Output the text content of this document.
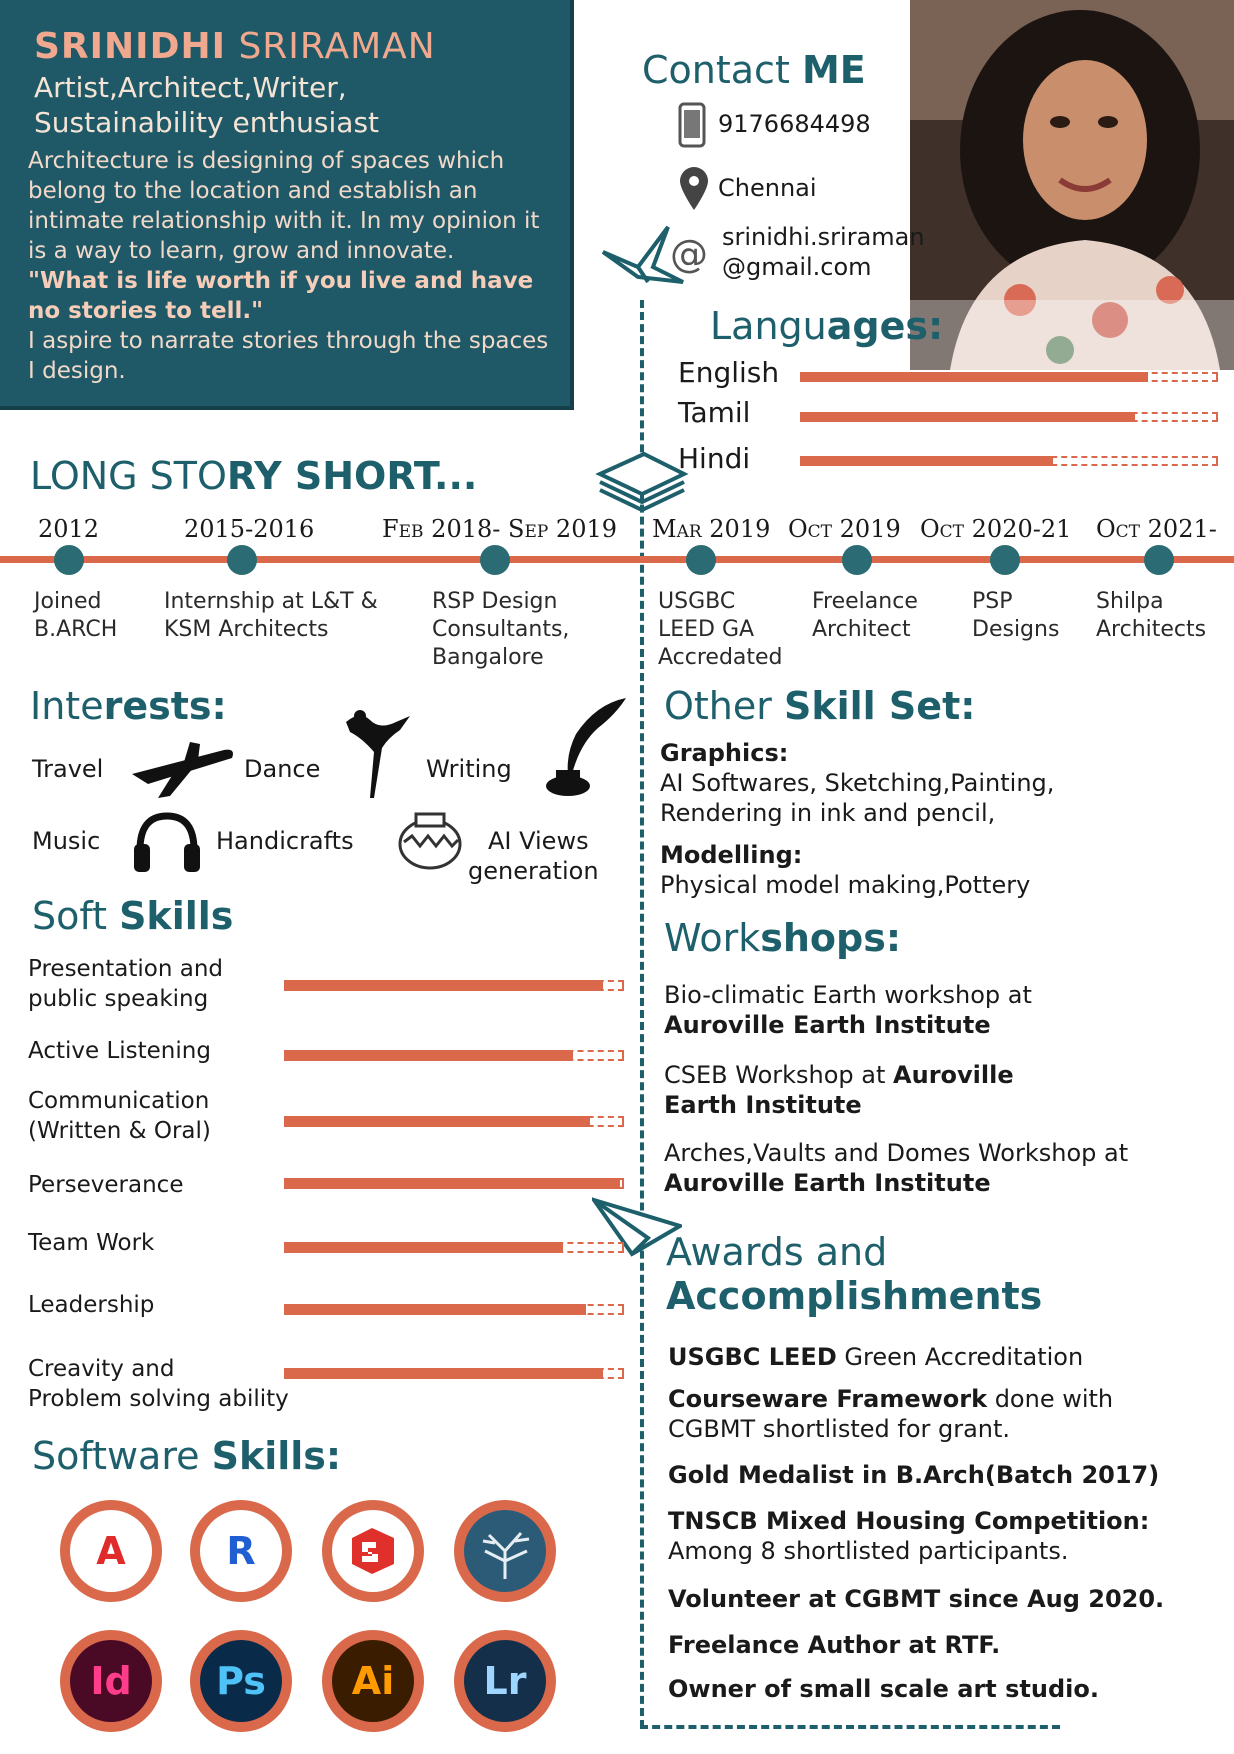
SRINIDHI SRIRAMAN
Artist,Architect,Writer,
Sustainability enthusiast
Architecture is designing of spaces which belong to the location and establish an intimate relationship with it. In my opinion it is a way to learn, grow and innovate.
"What is life worth if you live and have no stories to tell."
I aspire to narrate stories through the spaces I design.
Contact ME
9176684498
Chennai
@ srinidhi.sriraman
@gmail.com
Languages:
English
Tamil
Hindi
LONG STORY SHORT...
2012
Joined
B.ARCH
2015-2016
Internship at L&T &
KSM Architects
Feb 2018- Sep 2019
RSP Design
Consultants,
Bangalore
Mar 2019
USGBC
LEED GA
Accredated
Oct 2019
Freelance
Architect
Oct 2020-21
PSP
Designs
Oct 2021-
Shilpa
Architects
Interests:
Travel	Dance	Writing
Music	Handicrafts	AI Views
generation
Soft Skills
Presentation and
public speaking
Active Listening
Communication
(Written & Oral)
Perseverance
Team Work
Leadership
Creavity and
Problem solving ability
Software Skills:
A	R
Id	Ps	Ai	Lr
Other Skill Set:
Graphics:
AI Softwares, Sketching,Painting, Rendering in ink and pencil,
Modelling:
Physical model making,Pottery
Workshops:
Bio-climatic Earth workshop at
Auroville Earth Institute
CSEB Workshop at Auroville Earth Institute
Arches,Vaults and Domes Workshop at
Auroville Earth Institute
Awards and
Accomplishments
USGBC LEED Green Accreditation
Courseware Framework done with CGBMT shortlisted for grant.
Gold Medalist in B.Arch(Batch 2017)
TNSCB Mixed Housing Competition:
Among 8 shortlisted participants.
Volunteer at CGBMT since Aug 2020.
Freelance Author at RTF.
Owner of small scale art studio.
